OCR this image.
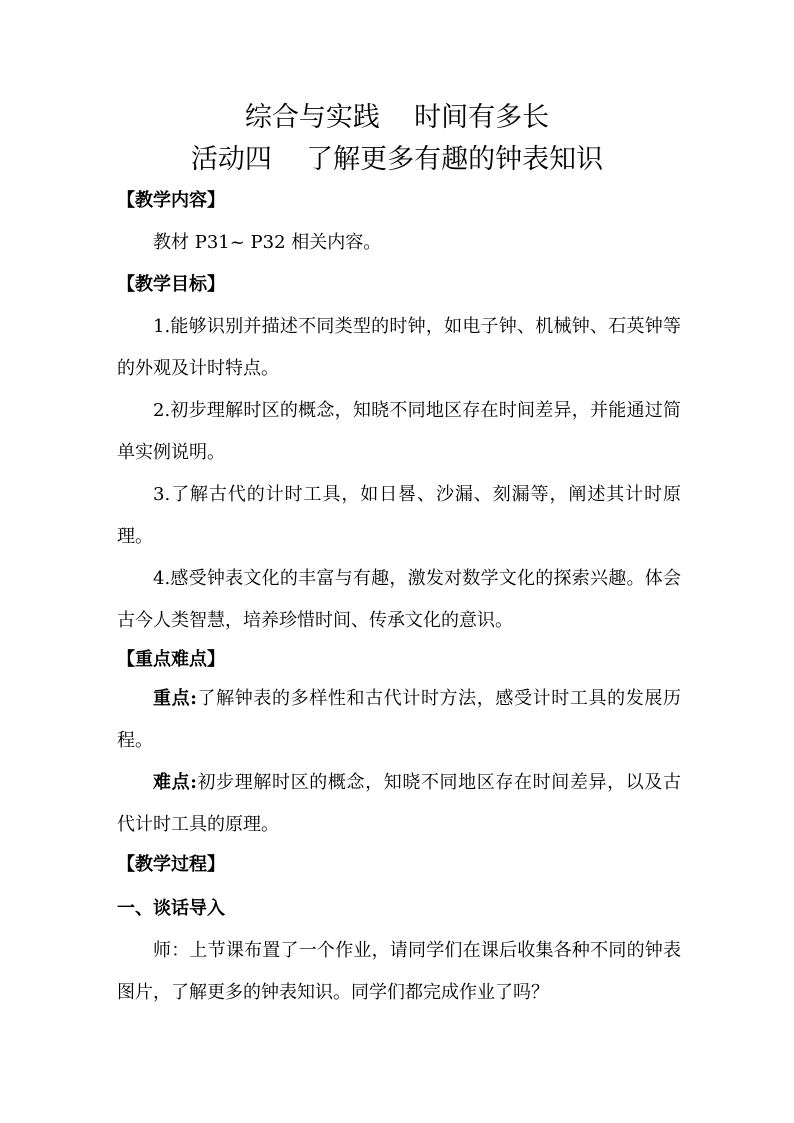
综合与实践    时间有多长
活动四    了解更多有趣的钟表知识
【教学内容】
教材 P31~ P32 相关内容。
【教学目标】
1.能够识别并描述不同类型的时钟，如电子钟、机械钟、石英钟等的外观及计时特点。
2.初步理解时区的概念，知晓不同地区存在时间差异，并能通过简单实例说明。
3.了解古代的计时工具，如日晷、沙漏、刻漏等，阐述其计时原理。
4.感受钟表文化的丰富与有趣，激发对数学文化的探索兴趣。体会古今人类智慧，培养珍惜时间、传承文化的意识。
【重点难点】
重点:了解钟表的多样性和古代计时方法，感受计时工具的发展历程。
难点:初步理解时区的概念，知晓不同地区存在时间差异，以及古代计时工具的原理。
【教学过程】
一、谈话导入
师：上节课布置了一个作业，请同学们在课后收集各种不同的钟表图片，了解更多的钟表知识。同学们都完成作业了吗？
